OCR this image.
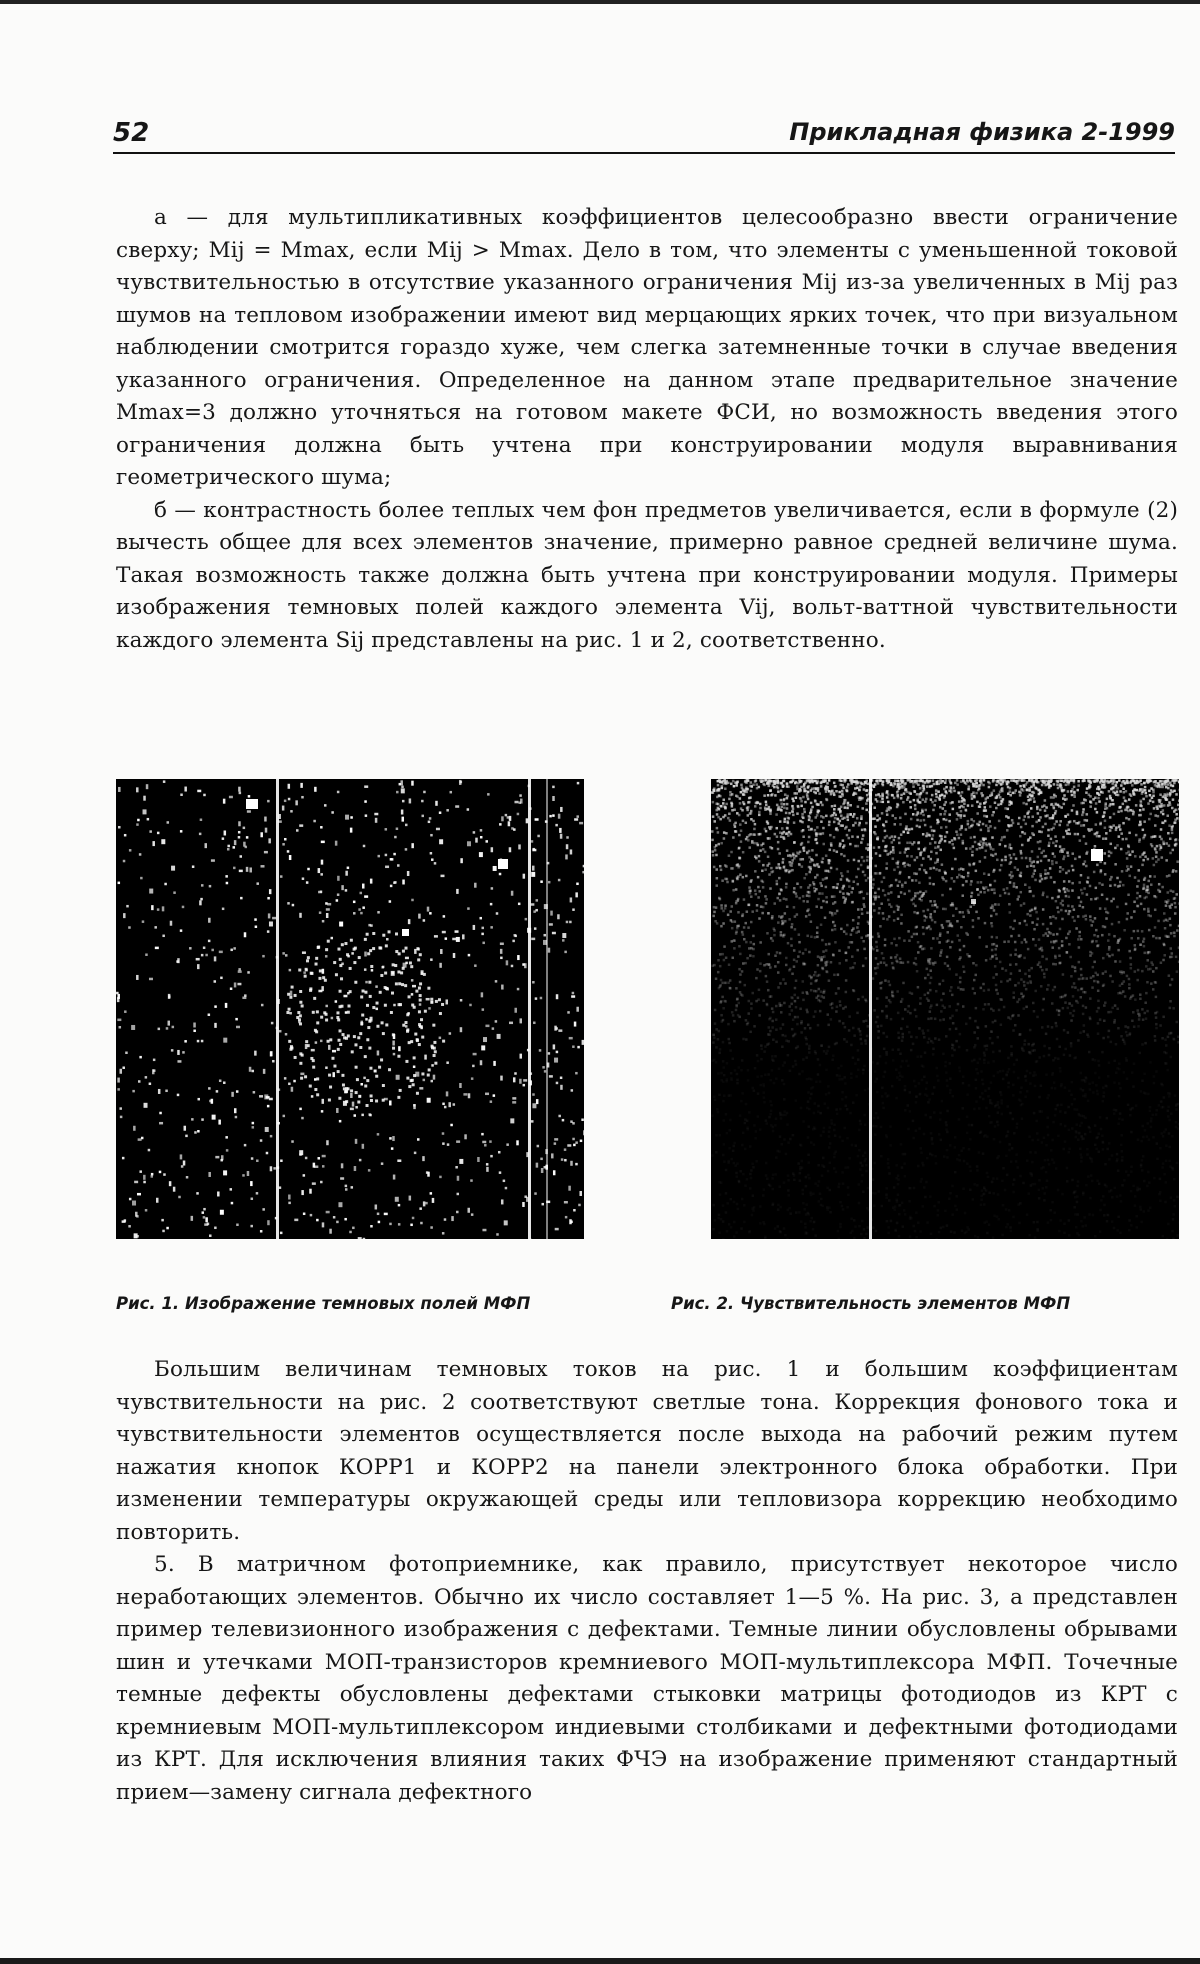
52	Прикладная физика 2-1999

а — для мультипликативных коэффициентов целесообразно ввести ограничение сверху; Mij = Mmax, если Mij > Mmax. Дело в том, что элементы с уменьшенной токовой чувствительностью в отсутствие указанного ограничения Mij из-за увеличенных в Mij раз шумов на тепловом изображении имеют вид мерцающих ярких точек, что при визуальном наблюдении смотрится гораздо хуже, чем слегка затемненные точки в случае введения указанного ограничения. Определенное на данном этапе предварительное значение Mmax=3 должно уточняться на готовом макете ФСИ, но возможность введения этого ограничения должна быть учтена при конструировании модуля выравнивания геометрического шума;

б — контрастность более теплых чем фон предметов увеличивается, если в формуле (2) вычесть общее для всех элементов значение, примерно равное средней величине шума. Такая возможность также должна быть учтена при конструировании модуля. Примеры изображения темновых полей каждого элемента Vij, вольт-ваттной чувствительности каждого элемента Sij представлены на рис. 1 и 2, соответственно.

Рис. 1. Изображение темновых полей МФП	Рис. 2. Чувствительность элементов МФП

Большим величинам темновых токов на рис. 1 и большим коэффициентам чувствительности на рис. 2 соответствуют светлые тона. Коррекция фонового тока и чувствительности элементов осуществляется после выхода на рабочий режим путем нажатия кнопок КОРР1 и КОРР2 на панели электронного блока обработки. При изменении температуры окружающей среды или тепловизора коррекцию необходимо повторить.

5. В матричном фотоприемнике, как правило, присутствует некоторое число неработающих элементов. Обычно их число составляет 1—5 %. На рис. 3, а представлен пример телевизионного изображения с дефектами. Темные линии обусловлены обрывами шин и утечками МОП-транзисторов кремниевого МОП-мультиплексора МФП. Точечные темные дефекты обусловлены дефектами стыковки матрицы фотодиодов из КРТ с кремниевым МОП-мультиплексором индиевыми столбиками и дефектными фотодиодами из КРТ. Для исключения влияния таких ФЧЭ на изображение применяют стандартный прием—замену сигнала дефектного
